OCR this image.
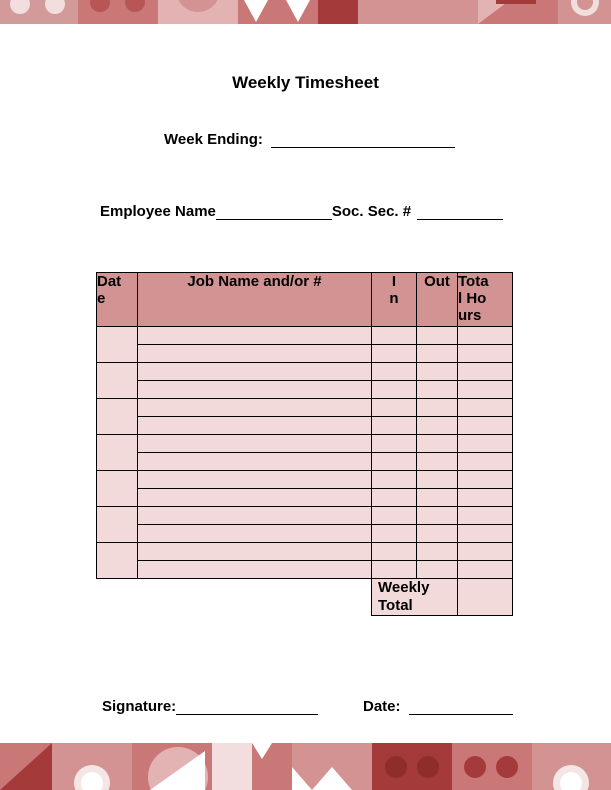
Weekly Timesheet
Week Ending:
Employee Name	Soc. Sec. #
Date	Job Name and/or #	In	Out	Total Hours

		Weekly Total		
Signature:	Date:
